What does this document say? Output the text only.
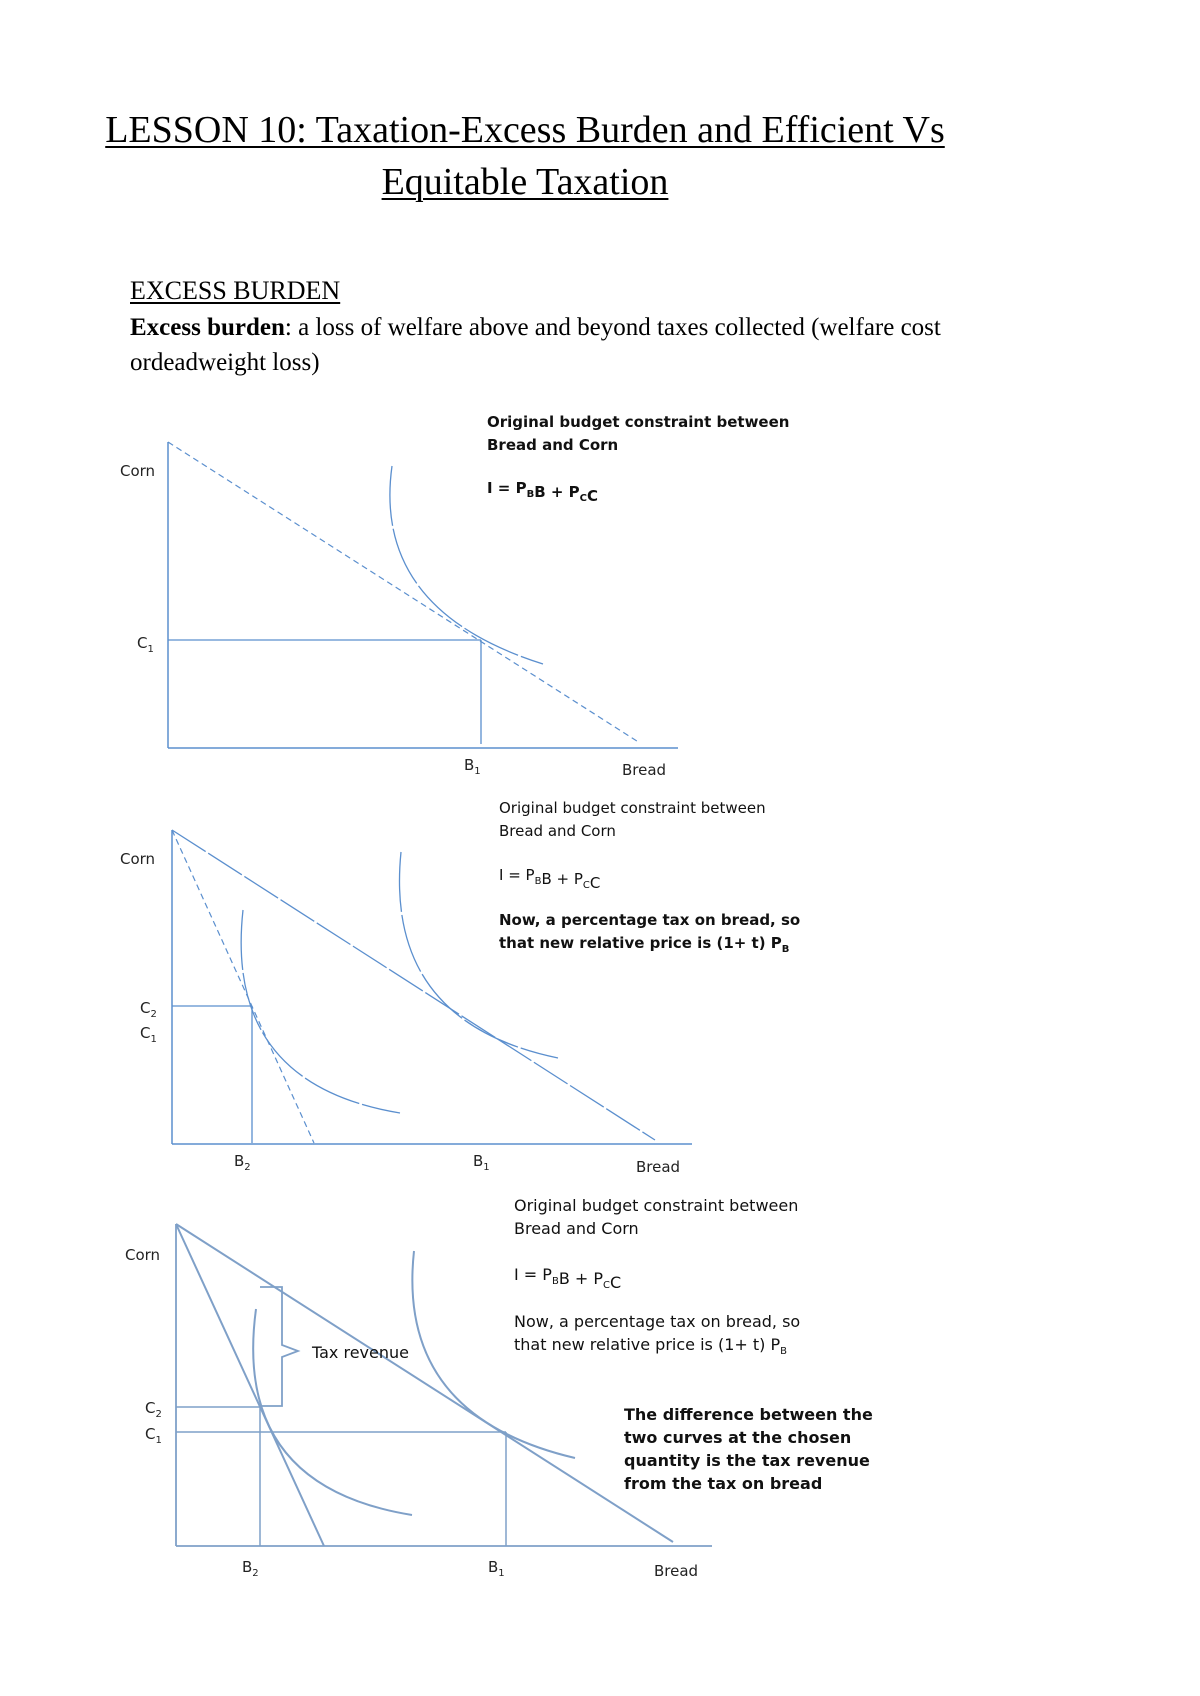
LESSON 10: Taxation-Excess Burden and Efficient Vs
Equitable Taxation
EXCESS BURDEN
Excess burden: a loss of welfare above and beyond taxes collected (welfare cost ordeadweight loss)
Corn
Bread
$C_1$
$B_1$
Original budget constraint between
Bread and Corn
$I = P_BB + P_CC$
Corn
Bread
$C_2$
$C_1$
$B_2$	$B_1$
Original budget constraint between
Bread and Corn
$I = P_BB + P_CC$
Now, a percentage tax on bread, so
that new relative price is (1+ t) $P_B$
Tax revenue
Corn
Bread
$C_2$
$C_1$
$B_2$	$B_1$
Original budget constraint between
Bread and Corn
$I = P_BB + P_CC$
Now, a percentage tax on bread, so
that new relative price is (1+ t) $P_B$
The difference between the
two curves at the chosen
quantity is the tax revenue
from the tax on bread
